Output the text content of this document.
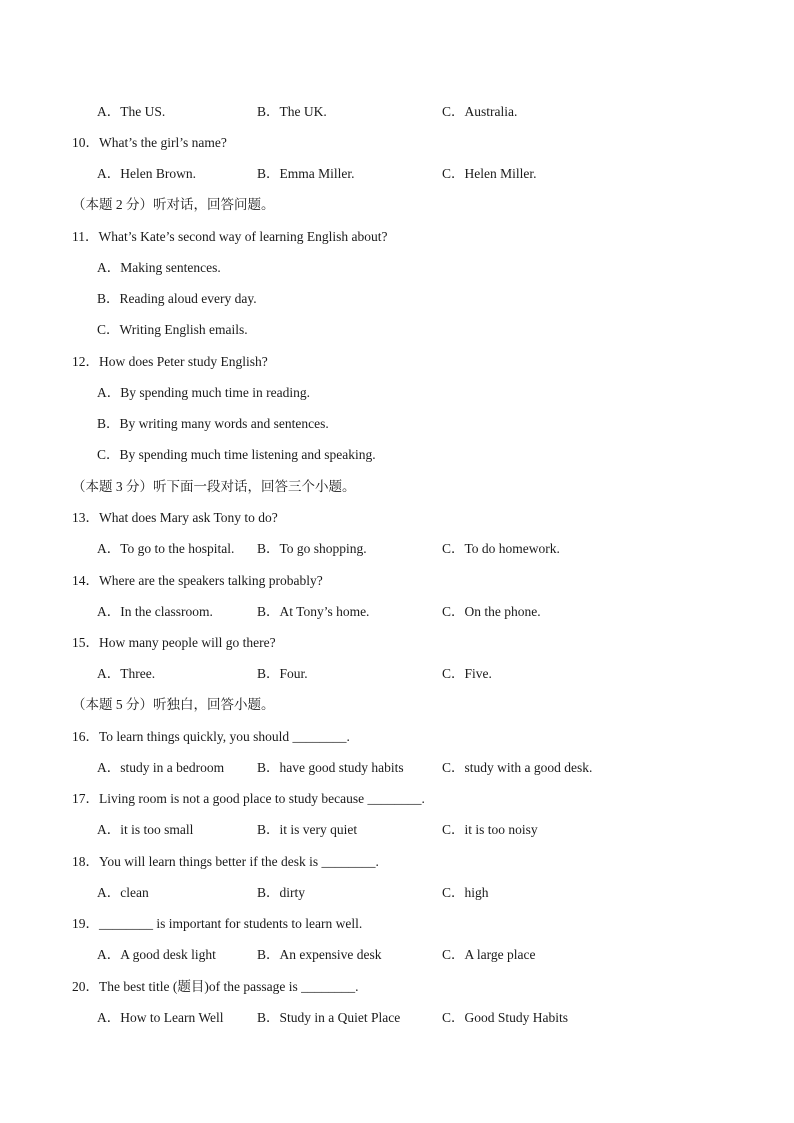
A．The US.	B．The UK.	C．Australia.
10．What’s the girl’s name?
A．Helen Brown.	B．Emma Miller.	C．Helen Miller.
（本题 2 分）听对话，回答问题。
11．What’s Kate’s second way of learning English about?
A．Making sentences.
B．Reading aloud every day.
C．Writing English emails.
12．How does Peter study English?
A．By spending much time in reading.
B．By writing many words and sentences.
C．By spending much time listening and speaking.
（本题 3 分）听下面一段对话，回答三个小题。
13．What does Mary ask Tony to do?
A．To go to the hospital. B．To go shopping.	C．To do homework.
14．Where are the speakers talking probably?
A．In the classroom.	B．At Tony’s home.	C．On the phone.
15．How many people will go there?
A．Three.	B．Four.	C．Five.
（本题 5 分）听独白，回答小题。
16．To learn things quickly, you should ________.
A．study in a bedroom B．have good study habits	C．study with a good desk.
17．Living room is not a good place to study because ________.
A．it is too small	B．it is very quiet	C．it is too noisy
18．You will learn things better if the desk is ________.
A．clean	B．dirty	C．high
19．________ is important for students to learn well.
A．A good desk light	B．An expensive desk	C．A large place
20．The best title (题目)of the passage is ________.
A．How to Learn Well B．Study in a Quiet Place	C．Good Study Habits
